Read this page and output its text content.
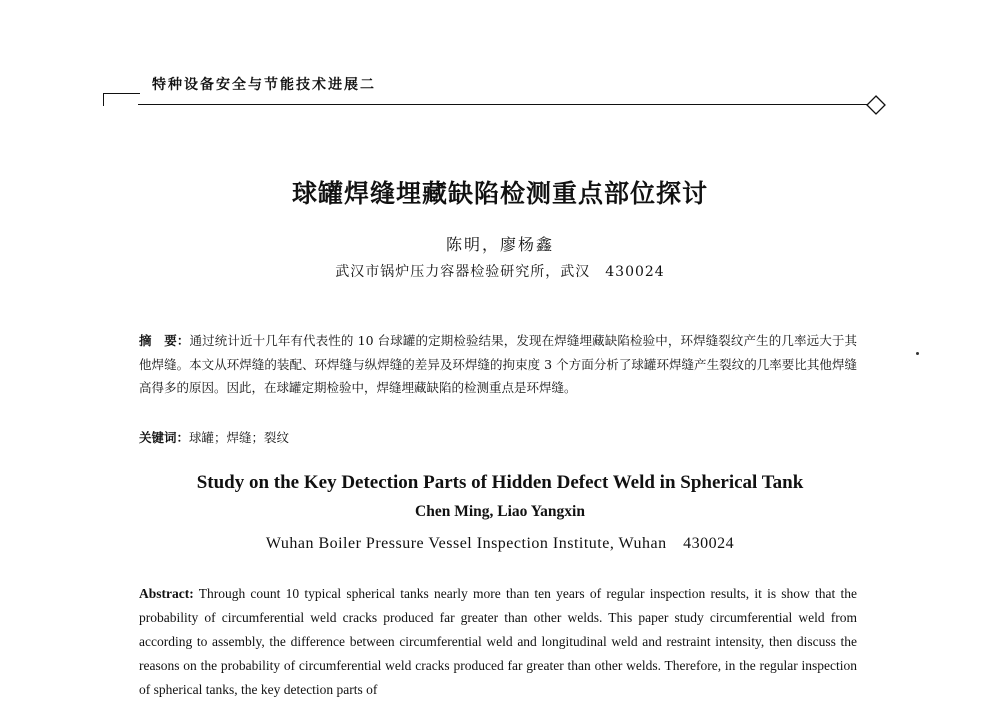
特种设备安全与节能技术进展二
球罐焊缝埋藏缺陷检测重点部位探讨
陈明，廖杨鑫
武汉市锅炉压力容器检验研究所，武汉　430024
摘　要：通过统计近十几年有代表性的 10 台球罐的定期检验结果，发现在焊缝埋藏缺陷检验中，环焊缝裂纹产生的几率远大于其他焊缝。本文从环焊缝的装配、环焊缝与纵焊缝的差异及环焊缝的拘束度 3 个方面分析了球罐环焊缝产生裂纹的几率要比其他焊缝高得多的原因。因此，在球罐定期检验中，焊缝埋藏缺陷的检测重点是环焊缝。
关键词：球罐；焊缝；裂纹
Study on the Key Detection Parts of Hidden Defect Weld in Spherical Tank
Chen Ming, Liao Yangxin
Wuhan Boiler Pressure Vessel Inspection Institute, Wuhan　430024
Abstract: Through count 10 typical spherical tanks nearly more than ten years of regular inspection results, it is show that the probability of circumferential weld cracks produced far greater than other welds. This paper study circumferential weld from according to assembly, the difference between circumferential weld and longitudinal weld and restraint intensity, then discuss the reasons on the probability of circumferential weld cracks produced far greater than other welds. Therefore, in the regular inspection of spherical tanks, the key detection parts of
